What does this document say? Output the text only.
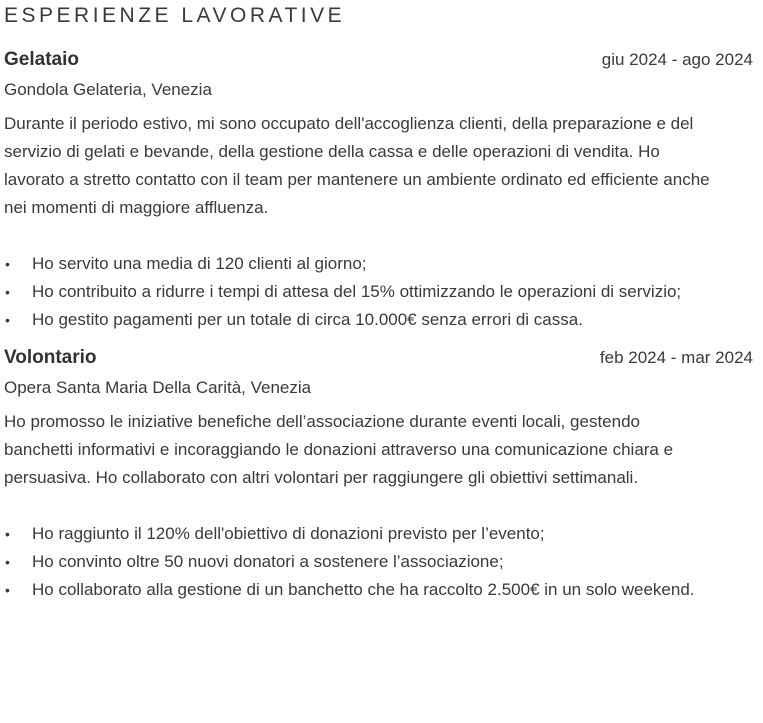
ESPERIENZE LAVORATIVE
Gelataio	giu 2024 - ago 2024
Gondola Gelateria, Venezia

Durante il periodo estivo, mi sono occupato dell'accoglienza clienti, della preparazione e del servizio di gelati e bevande, della gestione della cassa e delle operazioni di vendita. Ho lavorato a stretto contatto con il team per mantenere un ambiente ordinato ed efficiente anche nei momenti di maggiore affluenza.

• Ho servito una media di 120 clienti al giorno;
• Ho contribuito a ridurre i tempi di attesa del 15% ottimizzando le operazioni di servizio;
• Ho gestito pagamenti per un totale di circa 10.000€ senza errori di cassa.
Volontario	feb 2024 - mar 2024
Opera Santa Maria Della Carità, Venezia

Ho promosso le iniziative benefiche dell’associazione durante eventi locali, gestendo banchetti informativi e incoraggiando le donazioni attraverso una comunicazione chiara e persuasiva. Ho collaborato con altri volontari per raggiungere gli obiettivi settimanali.

• Ho raggiunto il 120% dell'obiettivo di donazioni previsto per l’evento;
• Ho convinto oltre 50 nuovi donatori a sostenere l’associazione;
• Ho collaborato alla gestione di un banchetto che ha raccolto 2.500€ in un solo weekend.
